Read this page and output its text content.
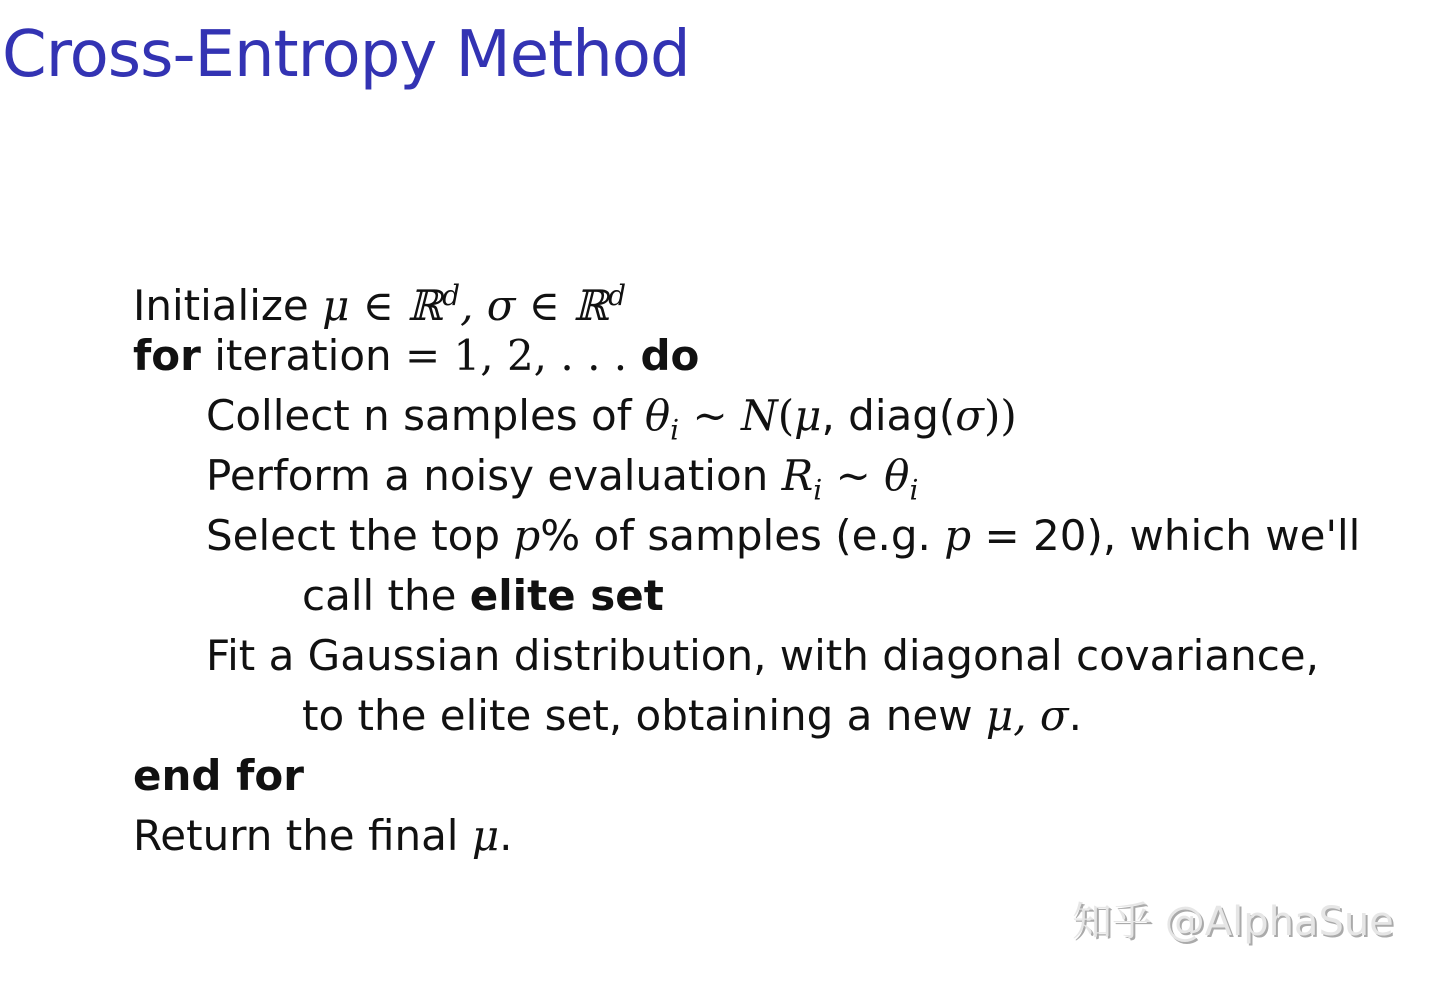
Cross-Entropy Method
Initialize μ ∈ ℝ$^d$, σ ∈ ℝ$^d$
for iteration = 1, 2, . . . do
Collect n samples of $\theta_i$ ∼ N(μ, diag(σ))
Perform a noisy evaluation $R_i$ ∼ $\theta_i$
Select the top p% of samples (e.g. p = 20), which we'll
call the elite set
Fit a Gaussian distribution, with diagonal covariance,
to the elite set, obtaining a new μ, σ.
end for
Return the final μ.
知乎 @AlphaSue
